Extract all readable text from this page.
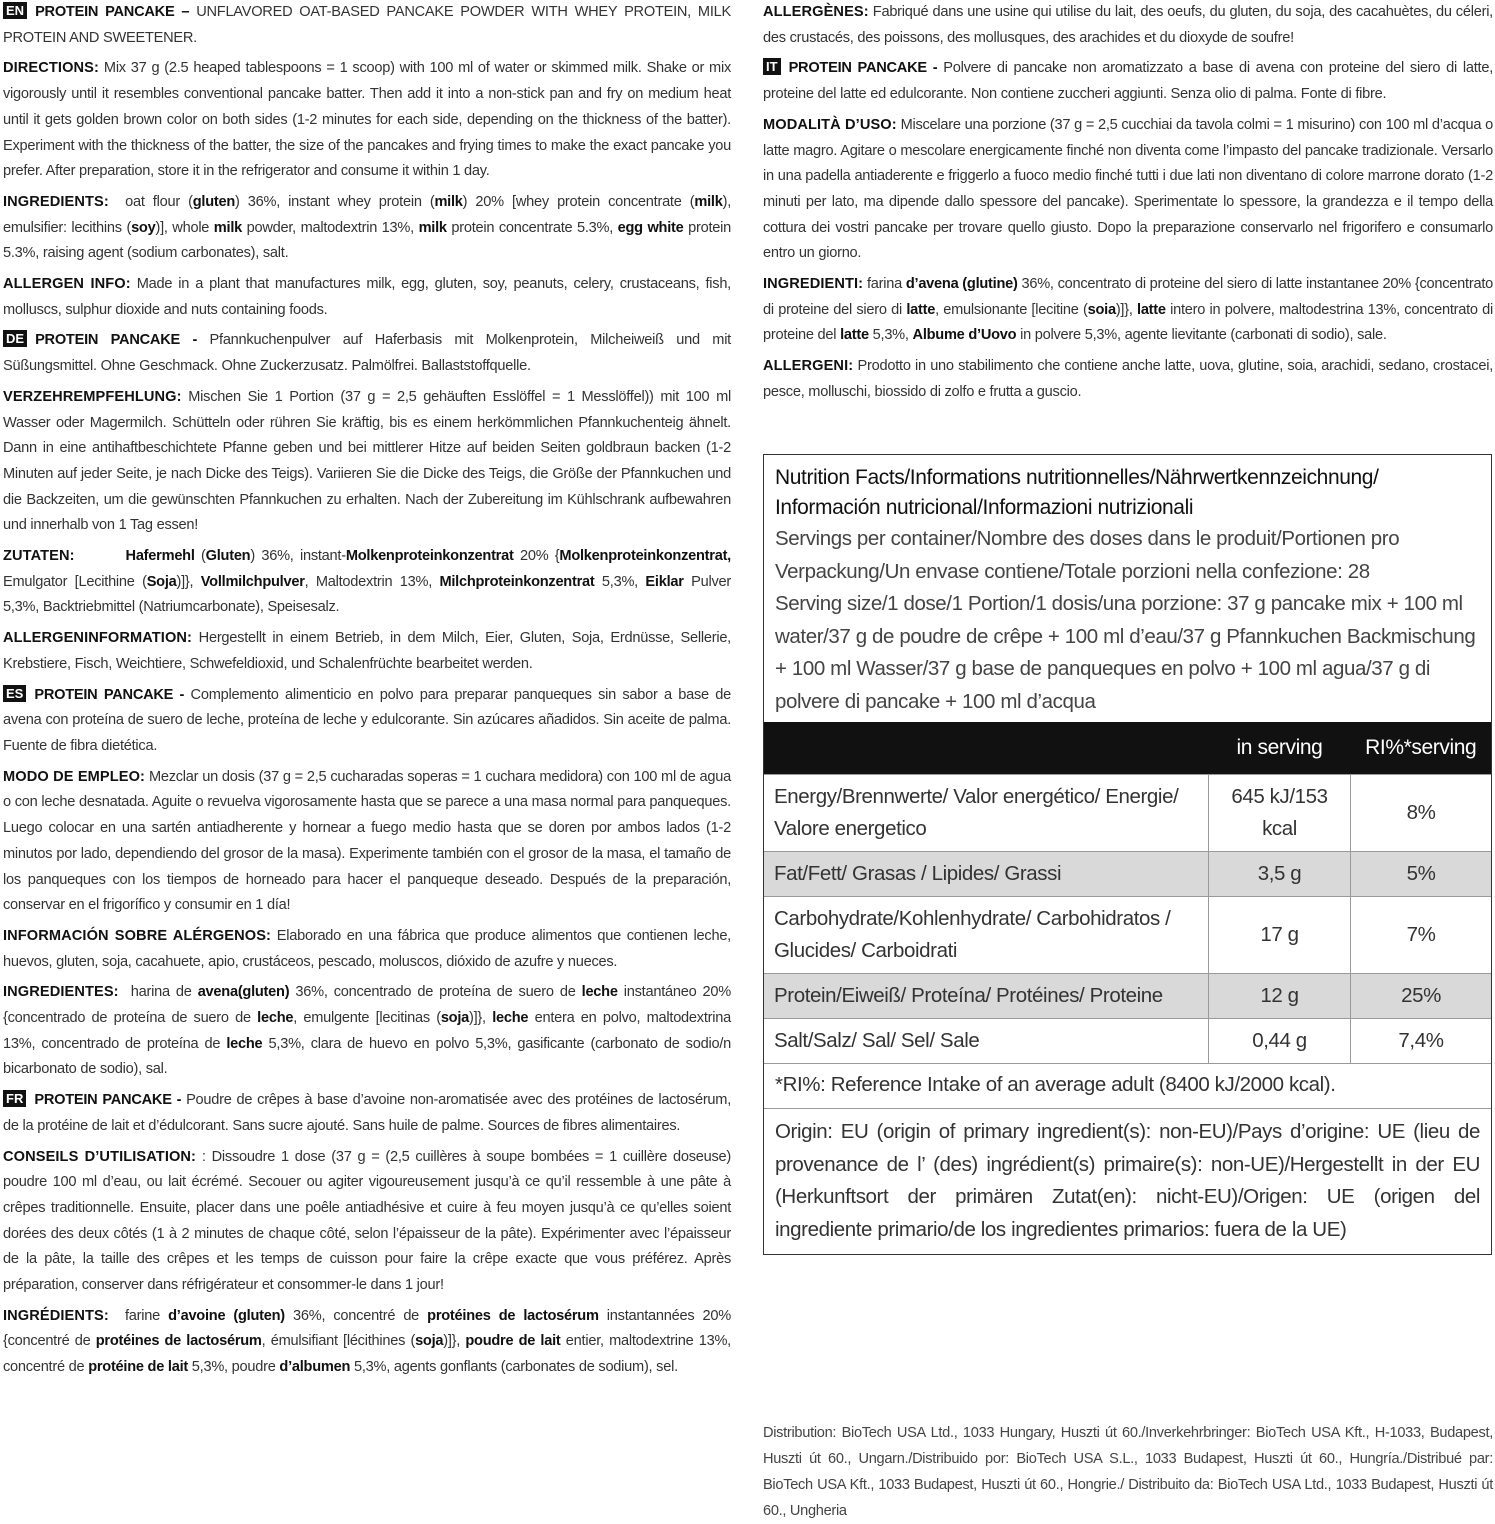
EN PROTEIN PANCAKE – UNFLAVORED OAT-BASED PANCAKE POWDER WITH WHEY PROTEIN, MILK PROTEIN AND SWEETENER.

DIRECTIONS: Mix 37 g (2.5 heaped tablespoons = 1 scoop) with 100 ml of water or skimmed milk. Shake or mix vigorously until it resembles conventional pancake batter. Then add it into a non-stick pan and fry on medium heat until it gets golden brown color on both sides (1-2 minutes for each side, depending on the thickness of the batter). Experiment with the thickness of the batter, the size of the pancakes and frying times to make the exact pancake you prefer. After preparation, store it in the refrigerator and consume it within 1 day.

INGREDIENTS: oat flour (gluten) 36%, instant whey protein (milk) 20% [whey protein concentrate (milk), emulsifier: lecithins (soy)], whole milk powder, maltodextrin 13%, milk protein concentrate 5.3%, egg white protein 5.3%, raising agent (sodium carbonates), salt.

ALLERGEN INFO: Made in a plant that manufactures milk, egg, gluten, soy, peanuts, celery, crustaceans, fish, molluscs, sulphur dioxide and nuts containing foods.

DE PROTEIN PANCAKE - Pfannkuchenpulver auf Haferbasis mit Molkenprotein, Milcheiweiß und mit Süßungsmittel. Ohne Geschmack. Ohne Zuckerzusatz. Palmölfrei. Ballaststoffquelle.

VERZEHREMPFEHLUNG: Mischen Sie 1 Portion (37 g = 2,5 gehäuften Esslöffel = 1 Messlöffel)) mit 100 ml Wasser oder Magermilch. Schütteln oder rühren Sie kräftig, bis es einem herkömmlichen Pfannkuchenteig ähnelt. Dann in eine antihaftbeschichtete Pfanne geben und bei mittlerer Hitze auf beiden Seiten goldbraun backen (1-2 Minuten auf jeder Seite, je nach Dicke des Teigs). Variieren Sie die Dicke des Teigs, die Größe der Pfannkuchen und die Backzeiten, um die gewünschten Pfannkuchen zu erhalten. Nach der Zubereitung im Kühlschrank aufbewahren und innerhalb von 1 Tag essen!

ZUTATEN:	Hafermehl (Gluten) 36%, instant-Molkenproteinkonzentrat 20% {Molkenproteinkonzentrat, Emulgator [Lecithine (Soja)]}, Vollmilchpulver, Maltodextrin 13%, Milchproteinkonzentrat 5,3%, Eiklar Pulver 5,3%, Backtriebmittel (Natriumcarbonate), Speisesalz.

ALLERGENINFORMATION: Hergestellt in einem Betrieb, in dem Milch, Eier, Gluten, Soja, Erdnüsse, Sellerie, Krebstiere, Fisch, Weichtiere, Schwefeldioxid, und Schalenfrüchte bearbeitet werden.

ES PROTEIN PANCAKE - Complemento alimenticio en polvo para preparar panqueques sin sabor a base de avena con proteína de suero de leche, proteína de leche y edulcorante. Sin azúcares añadidos. Sin aceite de palma. Fuente de fibra dietética.

MODO DE EMPLEO: Mezclar un dosis (37 g = 2,5 cucharadas soperas = 1 cuchara medidora) con 100 ml de agua o con leche desnatada. Aguite o revuelva vigorosamente hasta que se parece a una masa normal para panqueques. Luego colocar en una sartén antiadherente y hornear a fuego medio hasta que se doren por ambos lados (1-2 minutos por lado, dependiendo del grosor de la masa). Experimente también con el grosor de la masa, el tamaño de los panqueques con los tiempos de horneado para hacer el panqueque deseado. Después de la preparación, conservar en el frigorífico y consumir en 1 día!

INFORMACIÓN SOBRE ALÉRGENOS: Elaborado en una fábrica que produce alimentos que contienen leche, huevos, gluten, soja, cacahuete, apio, crustáceos, pescado, moluscos, dióxido de azufre y nueces.

INGREDIENTES: harina de avena(gluten) 36%, concentrado de proteína de suero de leche instantáneo 20% {concentrado de proteína de suero de leche, emulgente [lecitinas (soja)]}, leche entera en polvo, maltodextrina 13%, concentrado de proteína de leche 5,3%, clara de huevo en polvo 5,3%, gasificante (carbonato de sodio/n bicarbonato de sodio), sal.

FR PROTEIN PANCAKE - Poudre de crêpes à base d’avoine non-aromatisée avec des protéines de lactosérum, de la protéine de lait et d’édulcorant. Sans sucre ajouté. Sans huile de palme. Sources de fibres alimentaires.

CONSEILS D’UTILISATION: : Dissoudre 1 dose (37 g = (2,5 cuillères à soupe bombées = 1 cuillère doseuse) poudre 100 ml d’eau, ou lait écrémé. Secouer ou agiter vigoureusement jusqu’à ce qu’il ressemble à une pâte à crêpes traditionnelle. Ensuite, placer dans une poêle antiadhésive et cuire à feu moyen jusqu’à ce qu’elles soient dorées des deux côtés (1 à 2 minutes de chaque côté, selon l’épaisseur de la pâte). Expérimenter avec l’épaisseur de la pâte, la taille des crêpes et les temps de cuisson pour faire la crêpe exacte que vous préférez. Après préparation, conserver dans réfrigérateur et consommer-le dans 1 jour!

INGRÉDIENTS: farine d’avoine (gluten) 36%, concentré de protéines de lactosérum instantannées 20% {concentré de protéines de lactosérum, émulsifiant [lécithines (soja)]}, poudre de lait entier, maltodextrine 13%, concentré de protéine de lait 5,3%, poudre d’albumen 5,3%, agents gonflants (carbonates de sodium), sel.

ALLERGÈNES: Fabriqué dans une usine qui utilise du lait, des oeufs, du gluten, du soja, des cacahuètes, du céleri, des crustacés, des poissons, des mollusques, des arachides et du dioxyde de soufre!

IT PROTEIN PANCAKE - Polvere di pancake non aromatizzato a base di avena con proteine del siero di latte, proteine del latte ed edulcorante. Non contiene zuccheri aggiunti. Senza olio di palma. Fonte di fibre.

MODALITÀ D’USO: Miscelare una porzione (37 g = 2,5 cucchiai da tavola colmi = 1 misurino) con 100 ml d’acqua o latte magro. Agitare o mescolare energicamente finché non diventa come l’impasto del pancake tradizionale. Versarlo in una padella antiaderente e friggerlo a fuoco medio finché tutti i due lati non diventano di colore marrone dorato (1-2 minuti per lato, ma dipende dallo spessore del pancake). Sperimentate lo spessore, la grandezza e il tempo della cottura dei vostri pancake per trovare quello giusto. Dopo la preparazione conservarlo nel frigorifero e consumarlo entro un giorno.

INGREDIENTI: farina d’avena (glutine) 36%, concentrato di proteine del siero di latte instantanee 20% {concentrato di proteine del siero di latte, emulsionante [lecitine (soia)]}, latte intero in polvere, maltodestrina 13%, concentrato di proteine del latte 5,3%, Albume d’Uovo in polvere 5,3%, agente lievitante (carbonati di sodio), sale.

ALLERGENI: Prodotto in uno stabilimento che contiene anche latte, uova, glutine, soia, arachidi, sedano, crostacei, pesce, molluschi, biossido di zolfo e frutta a guscio.

Nutrition Facts/Informations nutritionnelles/Nährwertkennzeichnung/ Información nutricional/Informazioni nutrizionali
Servings per container/Nombre des doses dans le produit/Portionen pro Verpackung/Un envase contiene/Totale porzioni nella confezione: 28
Serving size/1 dose/1 Portion/1 dosis/una porzione: 37 g pancake mix + 100 ml water/37 g de poudre de crêpe + 100 ml d’eau/37 g Pfannkuchen Backmischung + 100 ml Wasser/37 g base de panqueques en polvo + 100 ml agua/37 g di polvere di pancake + 100 ml d’acqua
	in serving	RI%*serving
Energy/Brennwerte/ Valor energético/ Energie/ Valore energetico	645 kJ/153 kcal	8%
Fat/Fett/ Grasas / Lipides/ Grassi	3,5 g	5%
Carbohydrate/Kohlenhydrate/ Carbohidratos / Glucides/ Carboidrati	17 g	7%
Protein/Eiweiß/ Proteína/ Protéines/ Proteine	12 g	25%
Salt/Salz/ Sal/ Sel/ Sale	0,44 g	7,4%
*RI%: Reference Intake of an average adult (8400 kJ/2000 kcal).
Origin: EU (origin of primary ingredient(s): non-EU)/Pays d’origine: UE (lieu de provenance de l’ (des) ingrédient(s) primaire(s): non-UE)/Hergestellt in der EU (Herkunftsort der primären Zutat(en): nicht-EU)/Origen: UE (origen del ingrediente primario/de los ingredientes primarios: fuera de la UE)
Distribution: BioTech USA Ltd., 1033 Hungary, Huszti út 60./Inverkehrbringer: BioTech USA Kft., H-1033, Budapest, Huszti út 60., Ungarn./Distribuido por: BioTech USA S.L., 1033 Budapest, Huszti út 60., Hungría./Distribué par: BioTech USA Kft., 1033 Budapest, Huszti út 60., Hongrie./ Distribuito da: BioTech USA Ltd., 1033 Budapest, Huszti út 60., Ungheria
